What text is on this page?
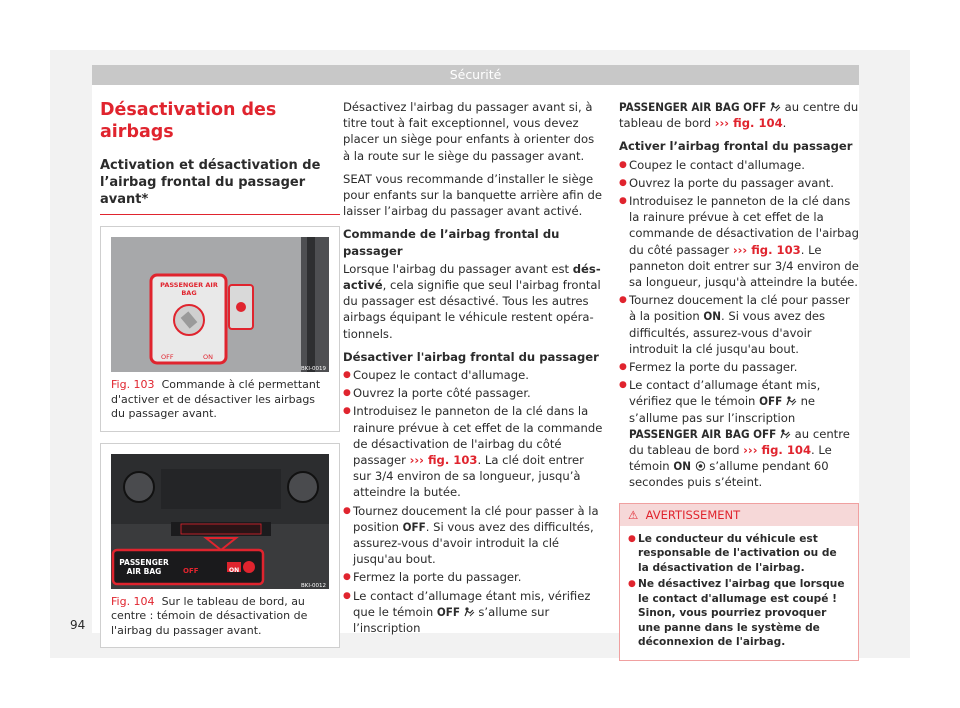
Sécurité
Désactivation des airbags
Activation et désactivation de l’airbag frontal du passager avant*
PASSENGER AIR BAG
OFF	ON
BKI-0019
Fig. 103 Commande à clé permettant d'activer et de désactiver les airbags du passager avant.
PASSENGER AIR BAG	OFF	ON
BKI-0012
Fig. 104 Sur le tableau de bord, au centre : témoin de désactivation de l'airbag du passager avant.

Désactivez l'airbag du passager avant si, à titre tout à fait exceptionnel, vous devez placer un siège pour enfants à orienter dos à la route sur le siège du passager avant.

SEAT vous recommande d’installer le siège pour enfants sur la banquette arrière afin de laisser l’airbag du passager avant activé.

Commande de l’airbag frontal du passager

Lorsque l'airbag du passager avant est désactivé, cela signifie que seul l'airbag frontal du passager est désactivé. Tous les autres airbags équipant le véhicule restent opérationnels.

Désactiver l'airbag frontal du passager

● Coupez le contact d'allumage.
● Ouvrez la porte côté passager.
● Introduisez le panneton de la clé dans la rainure prévue à cet effet de la commande de désactivation de l'airbag du côté passager ››› fig. 103. La clé doit entrer sur 3/4 environ de sa longueur, jusqu’à atteindre la butée.
● Tournez doucement la clé pour passer à la position OFF. Si vous avez des difficultés, assurez-vous d'avoir introduit la clé jusqu'au bout.
● Fermez la porte du passager.
● Le contact d’allumage étant mis, vérifiez que le témoin OFF  s’allume sur l’inscription

PASSENGER AIR BAG OFF  au centre du tableau de bord ››› fig. 104.

Activer l’airbag frontal du passager

● Coupez le contact d'allumage.
● Ouvrez la porte du passager avant.
● Introduisez le panneton de la clé dans la rainure prévue à cet effet de la commande de désactivation de l'airbag du côté passager ››› fig. 103. Le panneton doit entrer sur 3/4 environ de sa longueur, jusqu'à atteindre la butée.
● Tournez doucement la clé pour passer à la position ON. Si vous avez des difficultés, assurez-vous d'avoir introduit la clé jusqu'au bout.
● Fermez la porte du passager.
● Le contact d’allumage étant mis, vérifiez que le témoin OFF  ne s’allume pas sur l’inscription PASSENGER AIR BAG OFF  au centre du tableau de bord ››› fig. 104. Le témoin ON  s’allume pendant 60 secondes puis s’éteint.
⚠ AVERTISSEMENT
● Le conducteur du véhicule est responsable de l'activation ou de la désactivation de l'airbag.
● Ne désactivez l'airbag que lorsque le contact d'allumage est coupé ! Sinon, vous pourriez provoquer une panne dans le système de déconnexion de l'airbag.
94
